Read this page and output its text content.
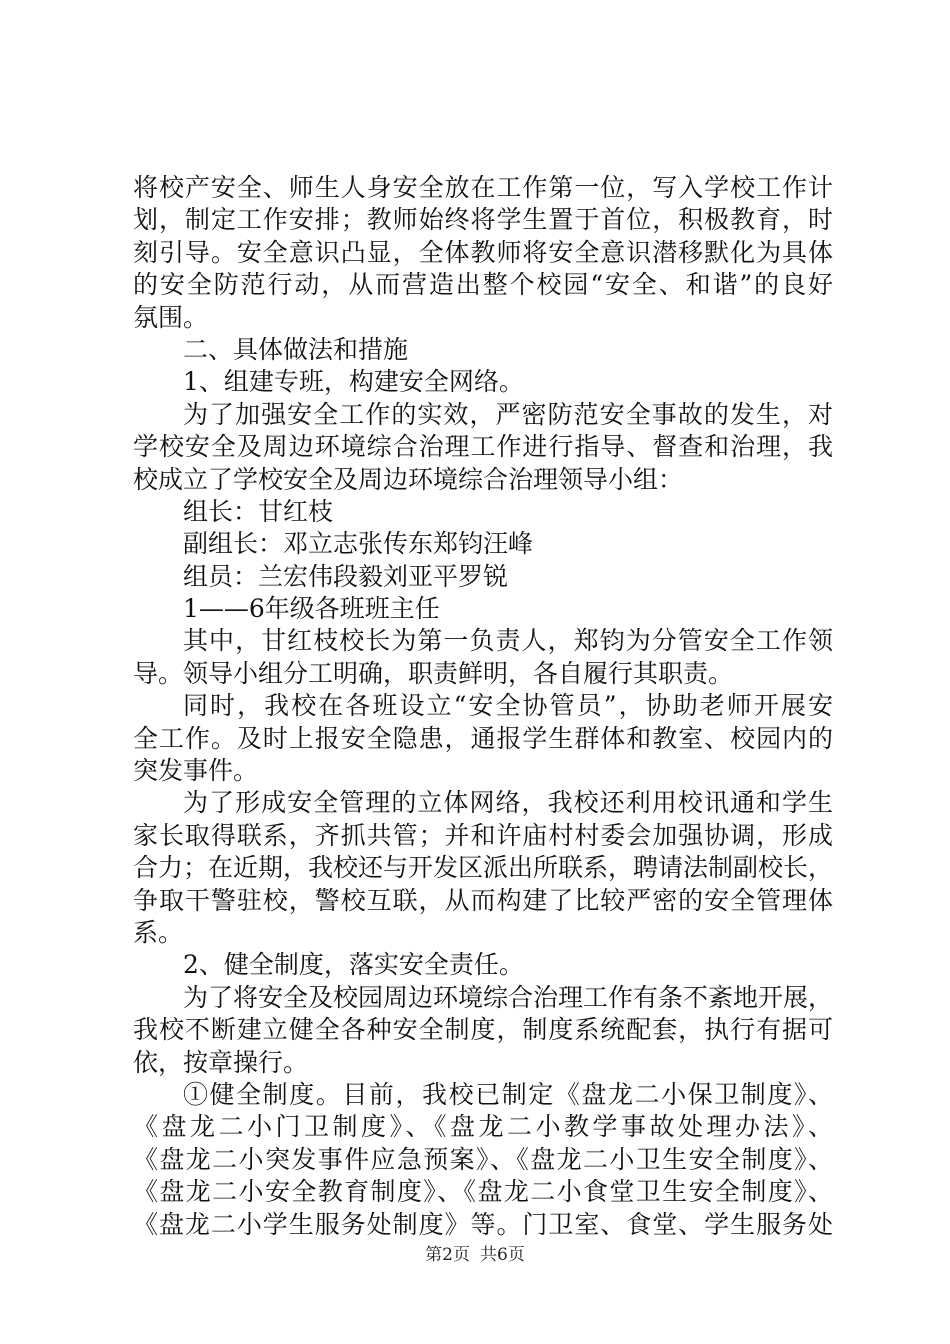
将校产安全、师生人身安全放在工作第一位，写入学校工作计
划，制定工作安排；教师始终将学生置于首位，积极教育，时
刻引导。安全意识凸显，全体教师将安全意识潜移默化为具体
的安全防范行动，从而营造出整个校园“安全、和谐”的良好
氛围。
二、具体做法和措施
1、组建专班，构建安全网络。
为了加强安全工作的实效，严密防范安全事故的发生，对
学校安全及周边环境综合治理工作进行指导、督查和治理，我
校成立了学校安全及周边环境综合治理领导小组：
组长：甘红枝
副组长：邓立志张传东郑钧汪峰
组员：兰宏伟段毅刘亚平罗锐
1——6年级各班班主任
其中，甘红枝校长为第一负责人，郑钧为分管安全工作领
导。领导小组分工明确，职责鲜明，各自履行其职责。
同时，我校在各班设立“安全协管员”，协助老师开展安
全工作。及时上报安全隐患，通报学生群体和教室、校园内的
突发事件。
为了形成安全管理的立体网络，我校还利用校讯通和学生
家长取得联系，齐抓共管；并和许庙村村委会加强协调，形成
合力；在近期，我校还与开发区派出所联系，聘请法制副校长，
争取干警驻校，警校互联，从而构建了比较严密的安全管理体
系。
2、健全制度，落实安全责任。
为了将安全及校园周边环境综合治理工作有条不紊地开展，
我校不断建立健全各种安全制度，制度系统配套，执行有据可
依，按章操行。
①健全制度。目前，我校已制定《盘龙二小保卫制度》、
《盘龙二小门卫制度》、《盘龙二小教学事故处理办法》、
《盘龙二小突发事件应急预案》、《盘龙二小卫生安全制度》、
《盘龙二小安全教育制度》、《盘龙二小食堂卫生安全制度》、
《盘龙二小学生服务处制度》等。门卫室、食堂、学生服务处
第2页 共6页
